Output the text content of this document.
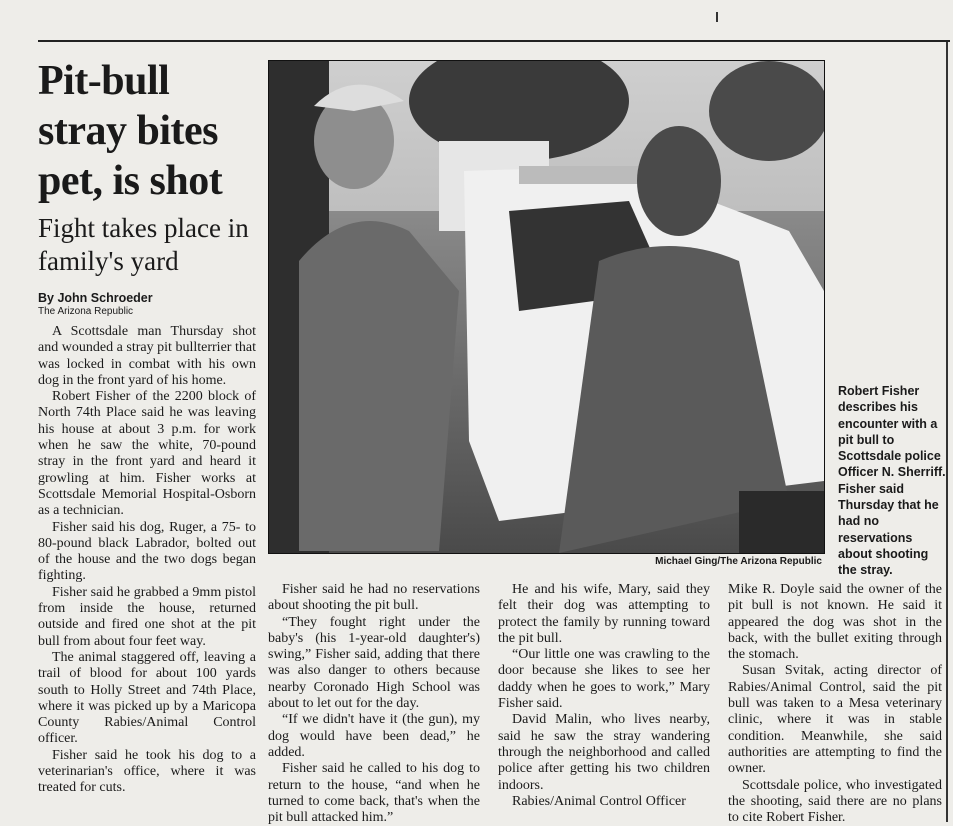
Pit-bull stray bites pet, is shot
Fight takes place in family's yard
By John Schroeder
The Arizona Republic

A Scottsdale man Thursday shot and wounded a stray pit bullterrier that was locked in combat with his own dog in the front yard of his home.

Robert Fisher of the 2200 block of North 74th Place said he was leaving his house at about 3 p.m. for work when he saw the white, 70-pound stray in the front yard and heard it growling at him. Fisher works at Scottsdale Memorial Hospital-Osborn as a technician.

Fisher said his dog, Ruger, a 75- to 80-pound black Labrador, bolted out of the house and the two dogs began fighting.

Fisher said he grabbed a 9mm pistol from inside the house, returned outside and fired one shot at the pit bull from about four feet way.

The animal staggered off, leaving a trail of blood for about 100 yards south to Holly Street and 74th Place, where it was picked up by a Maricopa County Rabies/Animal Control officer.

Fisher said he took his dog to a veterinarian's office, where it was treated for cuts.

Michael Ging/The Arizona Republic
Robert Fisher describes his encounter with a pit bull to Scottsdale police Officer N. Sherriff. Fisher said Thursday that he had no reservations about shooting the stray.

Fisher said he had no reservations about shooting the pit bull.

“They fought right under the baby's (his 1-year-old daughter's) swing,” Fisher said, adding that there was also danger to others because nearby Coronado High School was about to let out for the day.

“If we didn't have it (the gun), my dog would have been dead,” he added.

Fisher said he called to his dog to return to the house, “and when he turned to come back, that's when the pit bull attacked him.”

He and his wife, Mary, said they felt their dog was attempting to protect the family by running toward the pit bull.

“Our little one was crawling to the door because she likes to see her daddy when he goes to work,” Mary Fisher said.

David Malin, who lives nearby, said he saw the stray wandering through the neighborhood and called police after getting his two children indoors.

Rabies/Animal Control Officer

Mike R. Doyle said the owner of the pit bull is not known. He said it appeared the dog was shot in the back, with the bullet exiting through the stomach.

Susan Svitak, acting director of Rabies/Animal Control, said the pit bull was taken to a Mesa veterinary clinic, where it was in stable condition. Meanwhile, she said authorities are attempting to find the owner.

Scottsdale police, who investigated the shooting, said there are no plans to cite Robert Fisher.
